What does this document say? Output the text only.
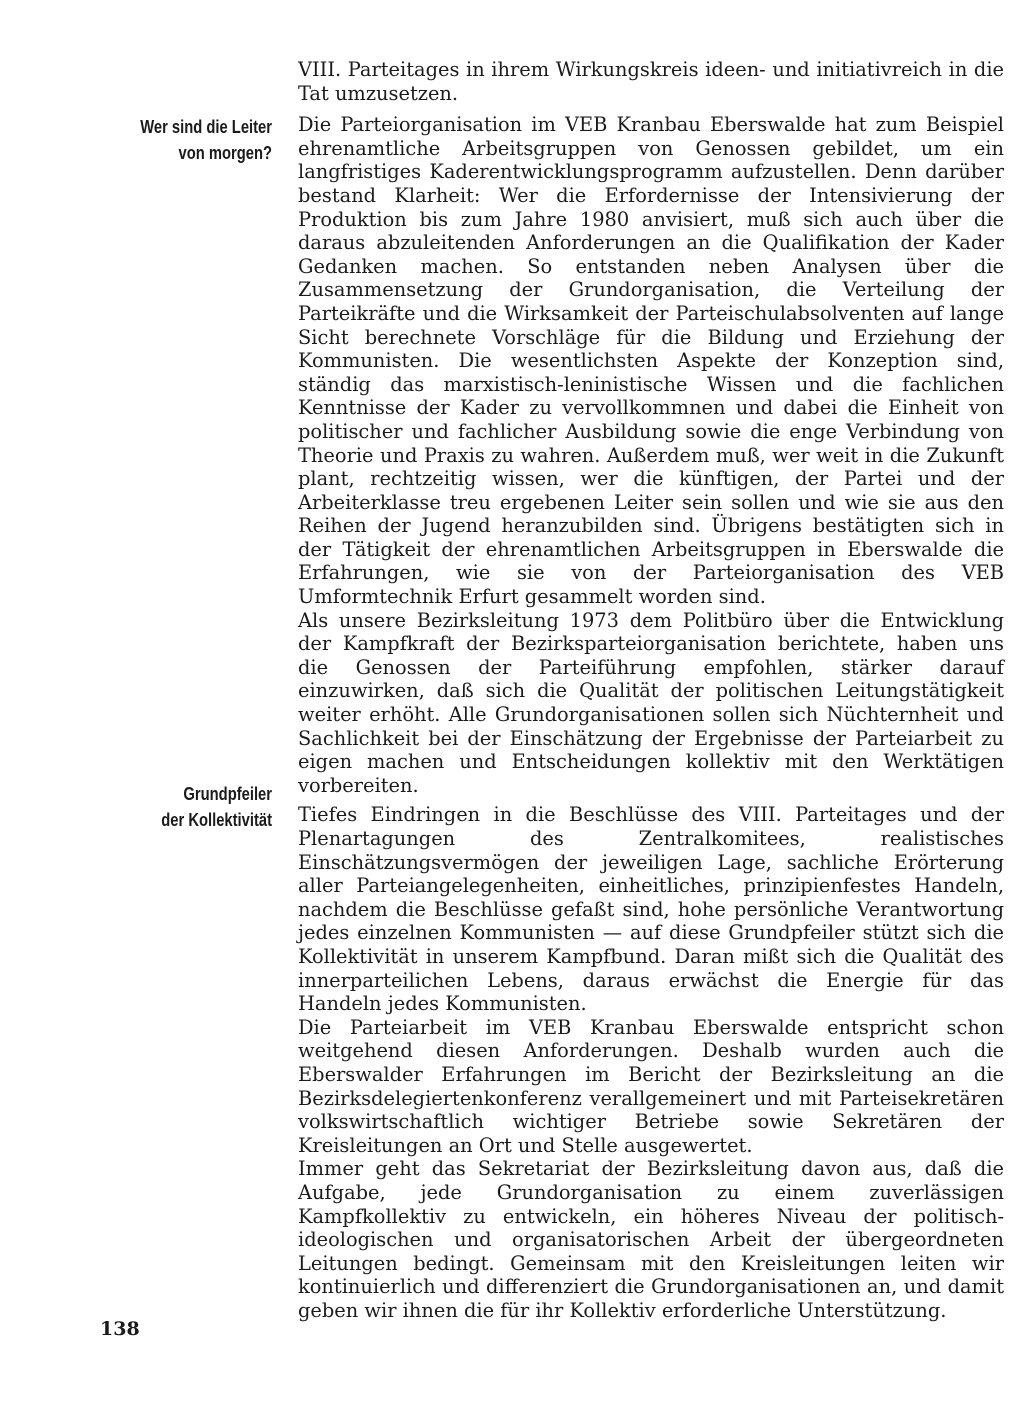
Wer sind die Leiter
von morgen?
Grundpfeiler
der Kollektivität

VIII. Parteitages in ihrem Wirkungskreis ideen- und initiativreich in die Tat umzusetzen.

Die Parteiorganisation im VEB Kranbau Eberswalde hat zum Beispiel ehrenamtliche Arbeitsgruppen von Genossen gebildet, um ein langfristiges Kaderentwicklungsprogramm aufzustellen. Denn darüber bestand Klarheit: Wer die Erfordernisse der Intensivierung der Produktion bis zum Jahre 1980 anvisiert, muß sich auch über die daraus abzuleitenden Anforderungen an die Qualifikation der Kader Gedanken machen. So entstanden neben Analysen über die Zusammensetzung der Grundorganisation, die Verteilung der Parteikräfte und die Wirksamkeit der Parteischulabsolventen auf lange Sicht berechnete Vorschläge für die Bildung und Erziehung der Kommunisten. Die wesentlichsten Aspekte der Konzeption sind, ständig das marxistisch-leninistische Wissen und die fachlichen Kenntnisse der Kader zu vervollkommnen und dabei die Einheit von politischer und fachlicher Ausbildung sowie die enge Verbindung von Theorie und Praxis zu wahren. Außerdem muß, wer weit in die Zukunft plant, rechtzeitig wissen, wer die künftigen, der Partei und der Arbeiterklasse treu ergebenen Leiter sein sollen und wie sie aus den Reihen der Jugend heranzubilden sind. Übrigens bestätigten sich in der Tätigkeit der ehrenamtlichen Arbeitsgruppen in Eberswalde die Erfahrungen, wie sie von der Parteiorganisation des VEB Umformtechnik Erfurt gesammelt worden sind.

Als unsere Bezirksleitung 1973 dem Politbüro über die Entwicklung der Kampfkraft der Bezirksparteiorganisation berichtete, haben uns die Genossen der Parteiführung empfohlen, stärker darauf einzuwirken, daß sich die Qualität der politischen Leitungstätigkeit weiter erhöht. Alle Grundorganisationen sollen sich Nüchternheit und Sachlichkeit bei der Einschätzung der Ergebnisse der Parteiarbeit zu eigen machen und Entscheidungen kollektiv mit den Werktätigen vorbereiten.

Tiefes Eindringen in die Beschlüsse des VIII. Parteitages und der Plenartagungen des Zentralkomitees, realistisches Einschätzungsvermögen der jeweiligen Lage, sachliche Erörterung aller Parteiangelegenheiten, einheitliches, prinzipienfestes Handeln, nachdem die Beschlüsse gefaßt sind, hohe persönliche Verantwortung jedes einzelnen Kommunisten — auf diese Grundpfeiler stützt sich die Kollektivität in unserem Kampfbund. Daran mißt sich die Qualität des innerparteilichen Lebens, daraus erwächst die Energie für das Handeln jedes Kommunisten.

Die Parteiarbeit im VEB Kranbau Eberswalde entspricht schon weitgehend diesen Anforderungen. Deshalb wurden auch die Eberswalder Erfahrungen im Bericht der Bezirksleitung an die Bezirksdelegiertenkonferenz verallgemeinert und mit Parteisekretären volkswirtschaftlich wichtiger Betriebe sowie Sekretären der Kreisleitungen an Ort und Stelle ausgewertet.

Immer geht das Sekretariat der Bezirksleitung davon aus, daß die Aufgabe, jede Grundorganisation zu einem zuverlässigen Kampfkollektiv zu entwickeln, ein höheres Niveau der politisch-ideologischen und organisatorischen Arbeit der übergeordneten Leitungen bedingt. Gemeinsam mit den Kreisleitungen leiten wir kontinuierlich und differenziert die Grundorganisationen an, und damit geben wir ihnen die für ihr Kollektiv erforderliche Unterstützung.

138
